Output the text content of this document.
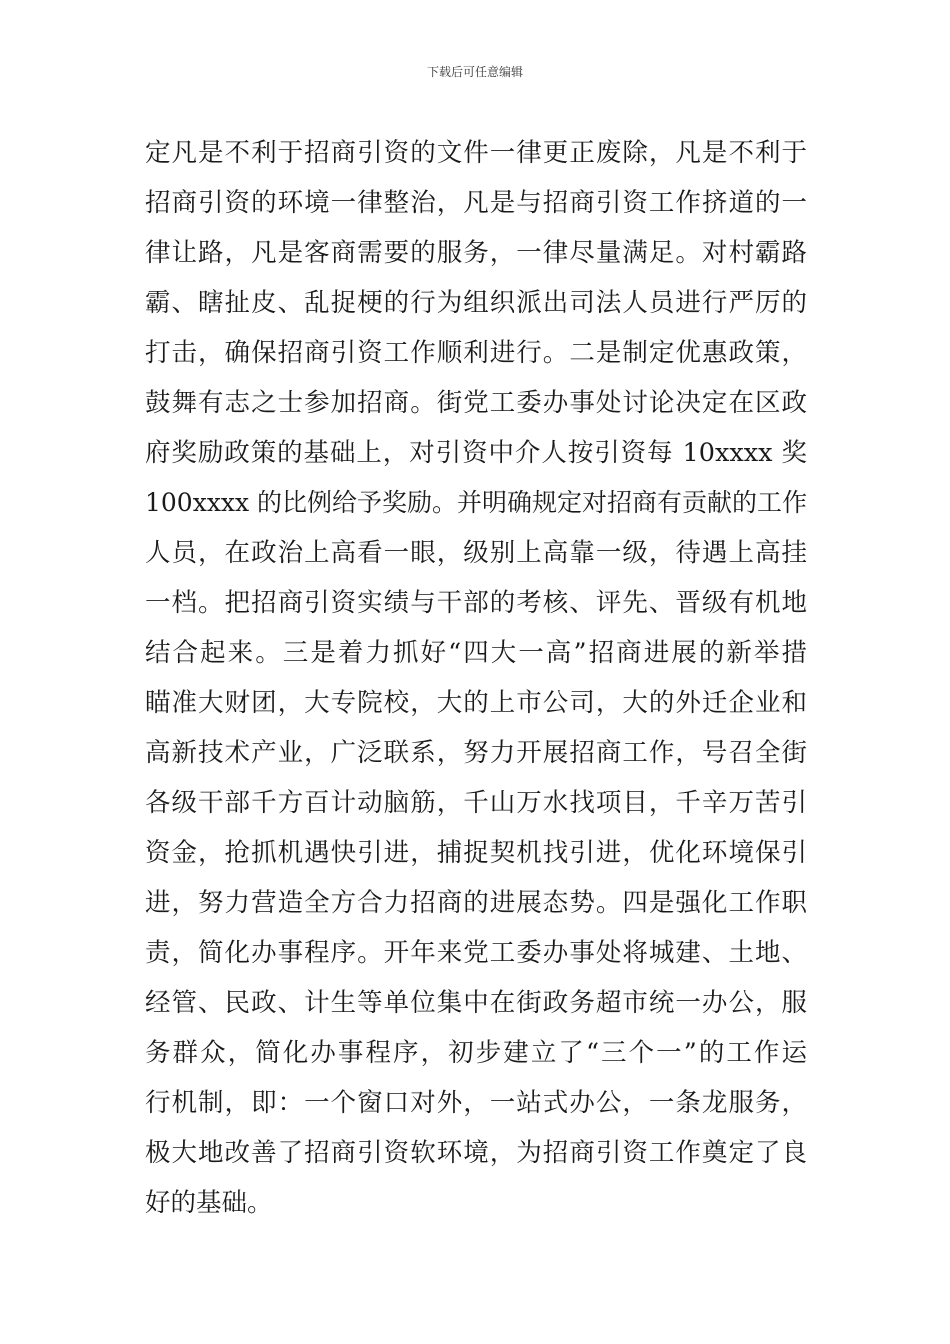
下载后可任意编辑
定凡是不利于招商引资的文件一律更正废除，凡是不利于
招商引资的环境一律整治，凡是与招商引资工作挤道的一
律让路，凡是客商需要的服务，一律尽量满足。对村霸路
霸、瞎扯皮、乱捉梗的行为组织派出司法人员进行严厉的
打击，确保招商引资工作顺利进行。二是制定优惠政策，
鼓舞有志之士参加招商。街党工委办事处讨论决定在区政
府奖励政策的基础上，对引资中介人按引资每 10xxxx 奖
100xxxx 的比例给予奖励。并明确规定对招商有贡献的工作
人员，在政治上高看一眼，级别上高靠一级，待遇上高挂
一档。把招商引资实绩与干部的考核、评先、晋级有机地
结合起来。三是着力抓好“四大一高”招商进展的新举措
瞄准大财团，大专院校，大的上市公司，大的外迁企业和
高新技术产业，广泛联系，努力开展招商工作，号召全街
各级干部千方百计动脑筋，千山万水找项目，千辛万苦引
资金，抢抓机遇快引进，捕捉契机找引进，优化环境保引
进，努力营造全方合力招商的进展态势。四是强化工作职
责，简化办事程序。开年来党工委办事处将城建、土地、
经管、民政、计生等单位集中在街政务超市统一办公，服
务群众，简化办事程序，初步建立了“三个一”的工作运
行机制，即：一个窗口对外，一站式办公，一条龙服务，
极大地改善了招商引资软环境，为招商引资工作奠定了良
好的基础。
